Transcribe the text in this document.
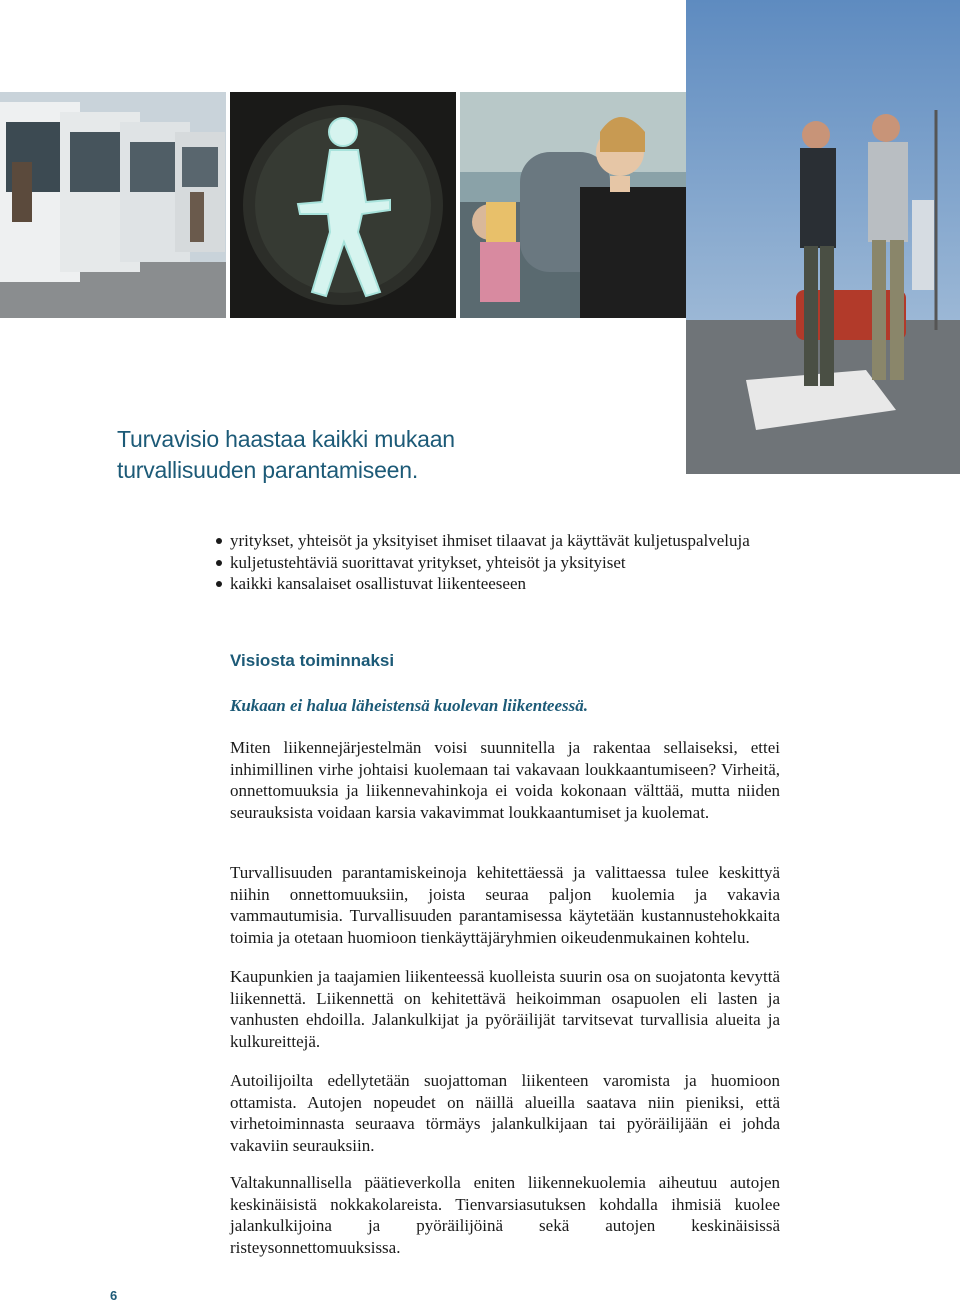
Turvavisio haastaa kaikki mukaan
turvallisuuden parantamiseen.
yritykset, yhteisöt ja yksityiset ihmiset tilaavat ja käyttävät kuljetuspalveluja
kuljetustehtäviä suorittavat yritykset, yhteisöt ja yksityiset
kaikki kansalaiset osallistuvat liikenteeseen
Visiosta toiminnaksi

Kukaan ei halua läheistensä kuolevan liikenteessä.

Miten liikennejärjestelmän voisi suunnitella ja rakentaa sellaiseksi, ettei inhimillinen virhe johtaisi kuolemaan tai vakavaan loukkaantumiseen? Virheitä, onnettomuuksia ja liikennevahinkoja ei voida kokonaan välttää, mutta niiden seurauksista voidaan karsia vakavimmat loukkaantumiset ja kuolemat.

Turvallisuuden parantamiskeinoja kehitettäessä ja valittaessa tulee keskittyä niihin onnettomuuksiin, joista seuraa paljon kuolemia ja vakavia vammautumisia. Turvallisuuden parantamisessa käytetään kustannustehokkaita toimia ja otetaan huomioon tienkäyttäjäryhmien oikeudenmukainen kohtelu.

Kaupunkien ja taajamien liikenteessä kuolleista suurin osa on suojatonta kevyttä liikennettä. Liikennettä on kehitettävä heikoimman osapuolen eli lasten ja vanhusten ehdoilla. Jalankulkijat ja pyöräilijät tarvitsevat turvallisia alueita ja kulkureittejä.

Autoilijoilta edellytetään suojattoman liikenteen varomista ja huomioon ottamista. Autojen nopeudet on näillä alueilla saatava niin pieniksi, että virhetoiminnasta seuraava törmäys jalankulkijaan tai pyöräilijään ei johda vakaviin seurauksiin.

Valtakunnallisella päätieverkolla eniten liikennekuolemia aiheutuu autojen keskinäisistä nokkakolareista. Tienvarsiasutuksen kohdalla ihmisiä kuolee jalankulkijoina ja pyöräilijöinä sekä autojen keskinäisissä risteysonnettomuuksissa.

6
